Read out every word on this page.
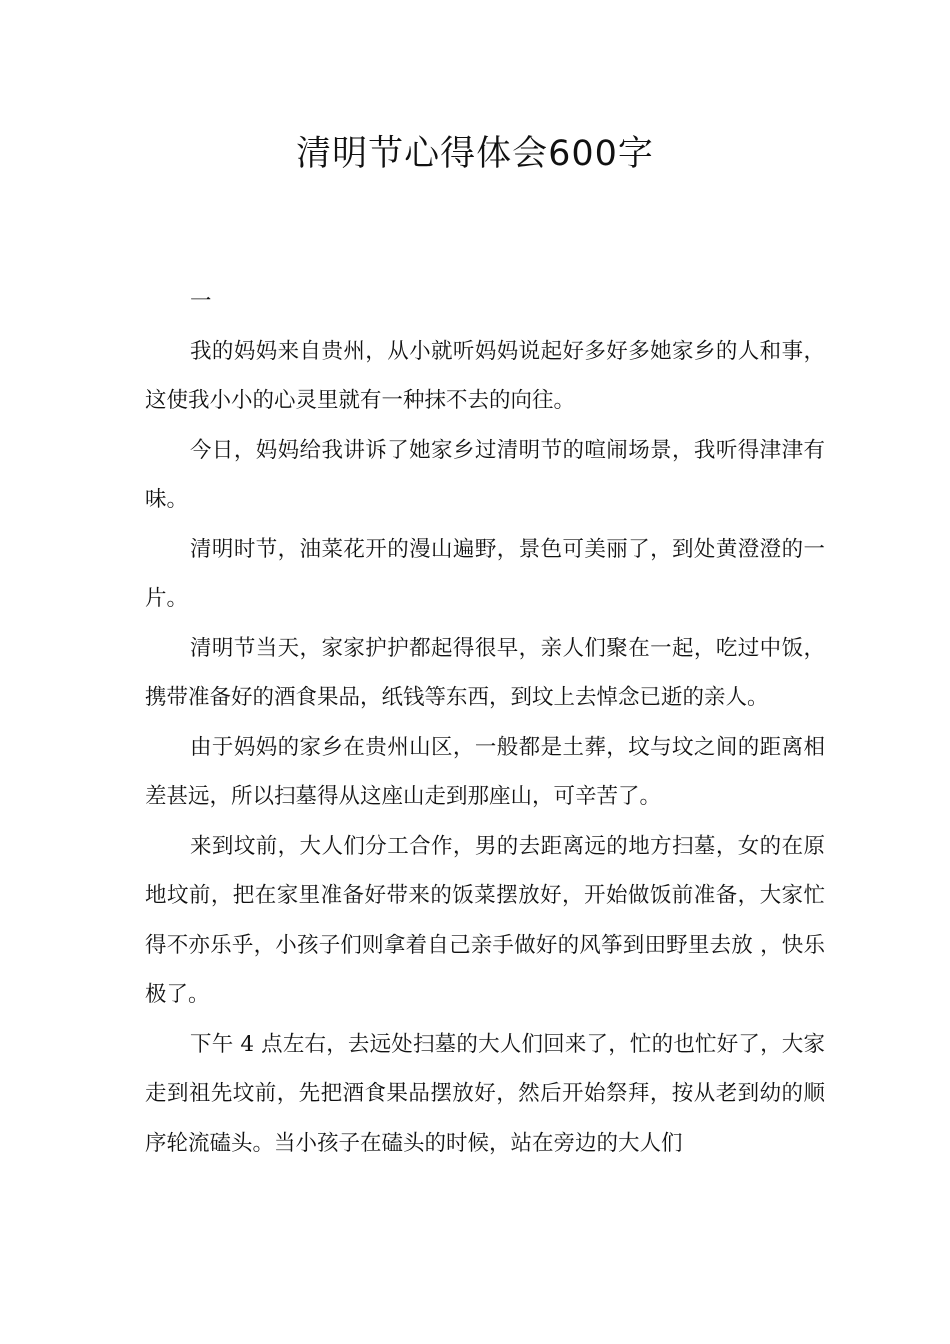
清明节心得体会600字

一

我的妈妈来自贵州，从小就听妈妈说起好多好多她家乡的人和事，这使我小小的心灵里就有一种抹不去的向往。

今日，妈妈给我讲诉了她家乡过清明节的喧闹场景，我听得津津有味。

清明时节，油菜花开的漫山遍野，景色可美丽了，到处黄澄澄的一片。

清明节当天，家家护护都起得很早，亲人们聚在一起，吃过中饭，携带准备好的酒食果品，纸钱等东西，到坟上去悼念已逝的亲人。

由于妈妈的家乡在贵州山区，一般都是土葬，坟与坟之间的距离相差甚远，所以扫墓得从这座山走到那座山，可辛苦了。

来到坟前，大人们分工合作，男的去距离远的地方扫墓，女的在原地坟前，把在家里准备好带来的饭菜摆放好，开始做饭前准备，大家忙得不亦乐乎，小孩子们则拿着自己亲手做好的风筝到田野里去放 ，快乐极了。

下午 4 点左右，去远处扫墓的大人们回来了，忙的也忙好了，大家走到祖先坟前，先把酒食果品摆放好，然后开始祭拜，按从老到幼的顺序轮流磕头。当小孩子在磕头的时候，站在旁边的大人们
